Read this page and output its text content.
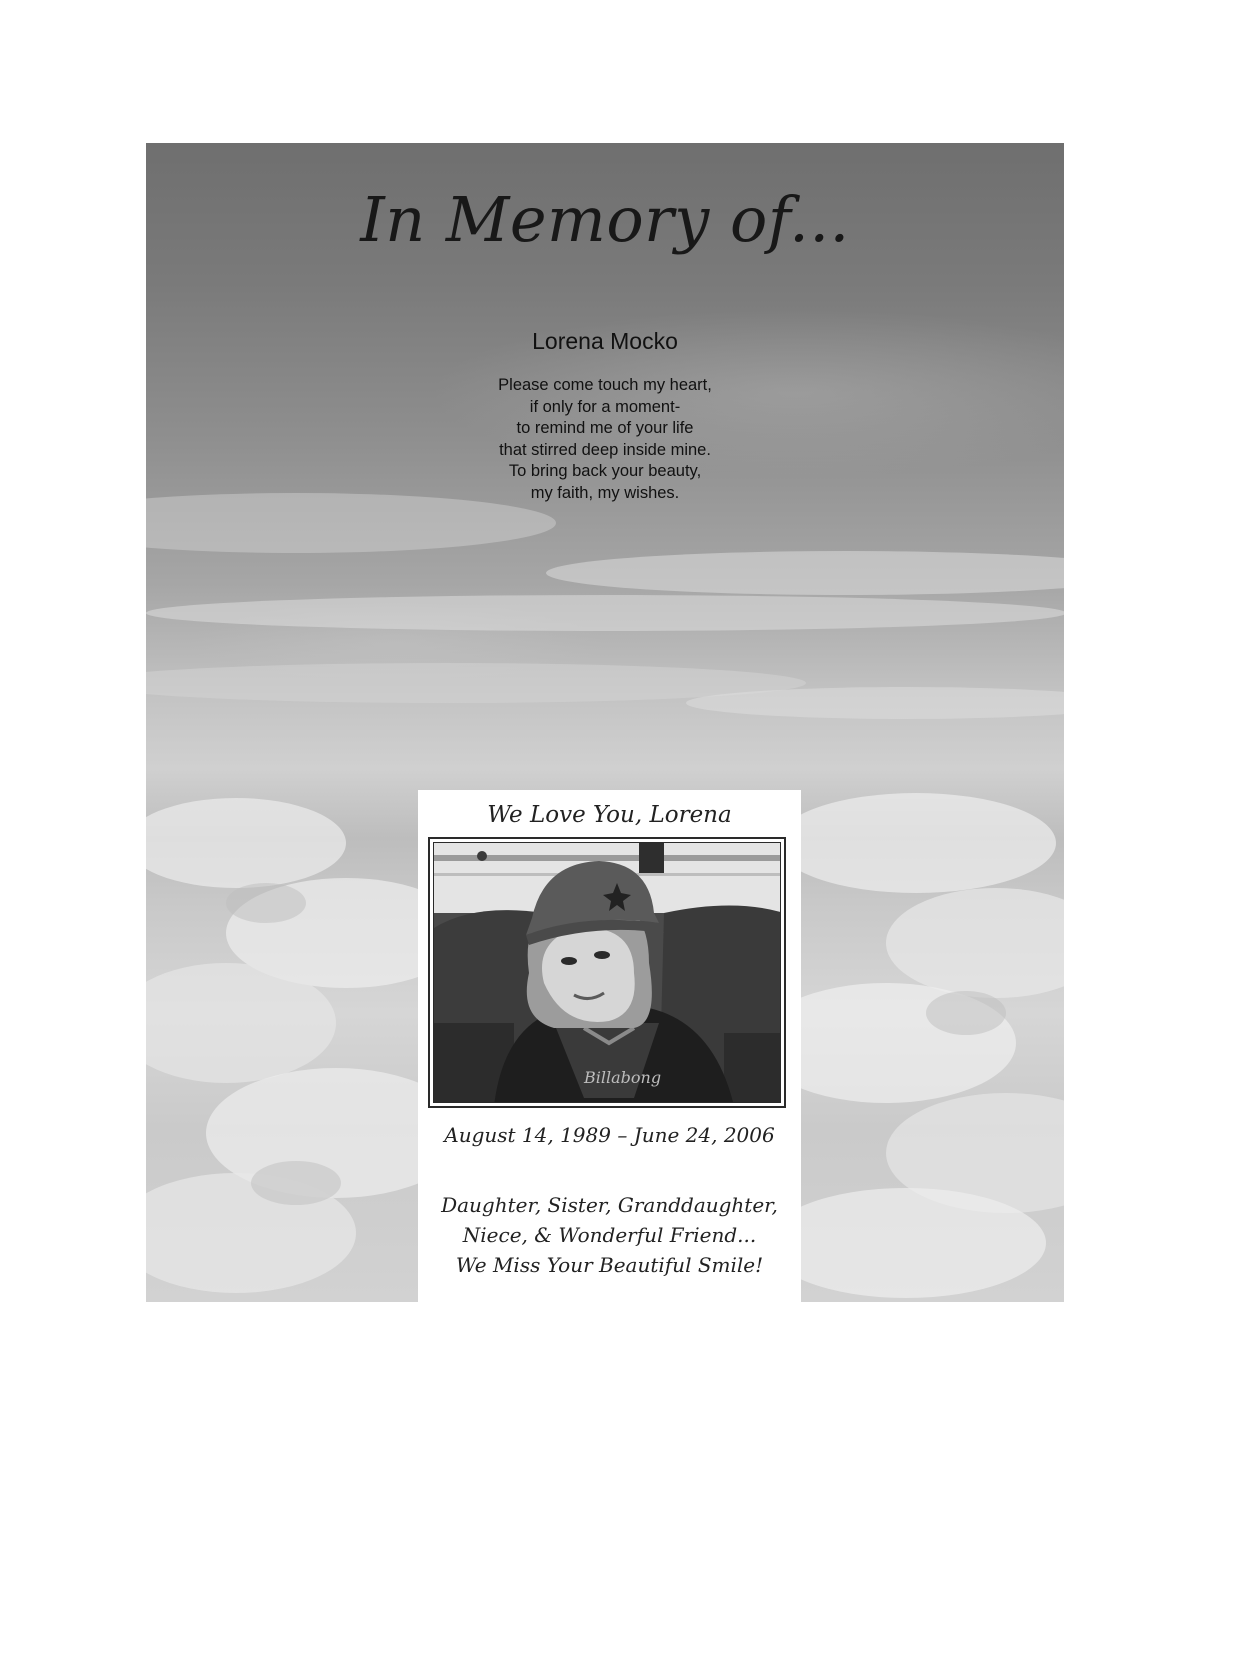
In Memory of...
Lorena Mocko
Please come touch my heart,
if only for a moment-
to remind me of your life
that stirred deep inside mine.
To bring back your beauty,
my faith, my wishes.
We Love You, Lorena
Billabong
August 14, 1989 – June 24, 2006
Daughter, Sister, Granddaughter,
Niece, & Wonderful Friend...
We Miss Your Beautiful Smile!
